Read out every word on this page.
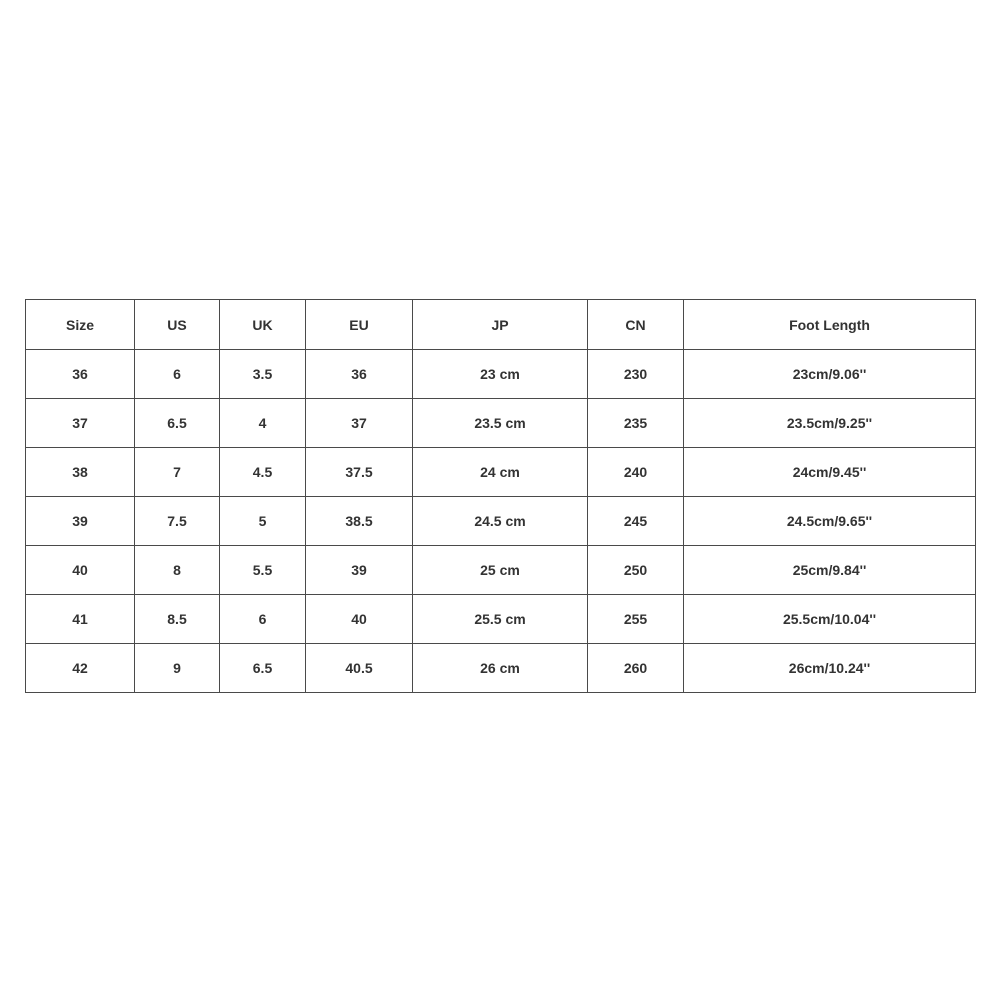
Size	US	UK	EU	JP	CN	Foot Length
36	6	3.5	36	23 cm	230	23cm/9.06''
37	6.5	4	37	23.5 cm	235	23.5cm/9.25''
38	7	4.5	37.5	24 cm	240	24cm/9.45''
39	7.5	5	38.5	24.5 cm	245	24.5cm/9.65''
40	8	5.5	39	25 cm	250	25cm/9.84''
41	8.5	6	40	25.5 cm	255	25.5cm/10.04''
42	9	6.5	40.5	26 cm	260	26cm/10.24''
